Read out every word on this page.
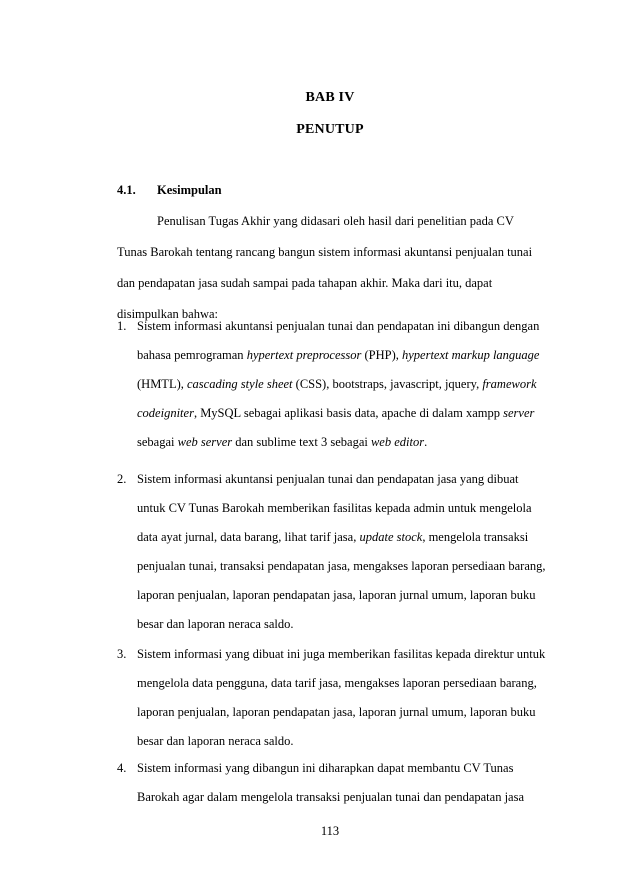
BAB IV
PENUTUP
4.1. Kesimpulan
Penulisan Tugas Akhir yang didasari oleh hasil dari penelitian pada CV
Tunas Barokah tentang rancang bangun sistem informasi akuntansi penjualan tunai
dan pendapatan jasa sudah sampai pada tahapan akhir. Maka dari itu, dapat
disimpulkan bahwa:
1. Sistem informasi akuntansi penjualan tunai dan pendapatan ini dibangun dengan
bahasa pemrograman hypertext preprocessor (PHP), hypertext markup language
(HMTL), cascading style sheet (CSS), bootstraps, javascript, jquery, framework
codeigniter, MySQL sebagai aplikasi basis data, apache di dalam xampp server
sebagai web server dan sublime text 3 sebagai web editor.
2. Sistem informasi akuntansi penjualan tunai dan pendapatan jasa yang dibuat
untuk CV Tunas Barokah memberikan fasilitas kepada admin untuk mengelola
data ayat jurnal, data barang, lihat tarif jasa, update stock, mengelola transaksi
penjualan tunai, transaksi pendapatan jasa, mengakses laporan persediaan barang,
laporan penjualan, laporan pendapatan jasa, laporan jurnal umum, laporan buku
besar dan laporan neraca saldo.
3. Sistem informasi yang dibuat ini juga memberikan fasilitas kepada direktur untuk
mengelola data pengguna, data tarif jasa, mengakses laporan persediaan barang,
laporan penjualan, laporan pendapatan jasa, laporan jurnal umum, laporan buku
besar dan laporan neraca saldo.
4. Sistem informasi yang dibangun ini diharapkan dapat membantu CV Tunas
Barokah agar dalam mengelola transaksi penjualan tunai dan pendapatan jasa
113
